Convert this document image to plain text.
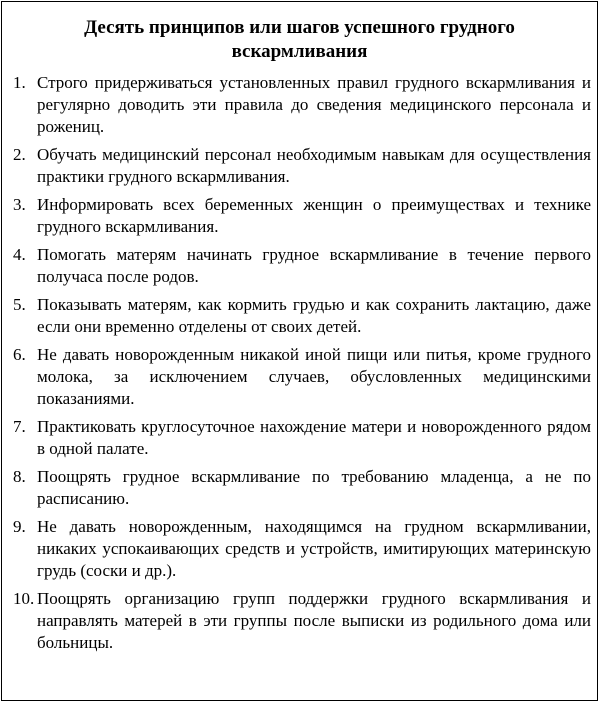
Десять принципов или шагов успешного грудного вскармливания
1. Строго придерживаться установленных правил грудного вскармливания и регулярно доводить эти правила до сведения медицинского персонала и рожениц.
2. Обучать медицинский персонал необходимым навыкам для осуществления практики грудного вскармливания.
3. Информировать всех беременных женщин о преимуществах и технике грудного вскармливания.
4. Помогать матерям начинать грудное вскармливание в течение первого получаса после родов.
5. Показывать матерям, как кормить грудью и как сохранить лактацию, даже если они временно отделены от своих детей.
6. Не давать новорожденным никакой иной пищи или питья, кроме грудного молока, за исключением случаев, обусловленных медицинскими показаниями.
7. Практиковать круглосуточное нахождение матери и новорожденного рядом в одной палате.
8. Поощрять грудное вскармливание по требованию младенца, а не по расписанию.
9. Не давать новорожденным, находящимся на грудном вскармливании, никаких успокаивающих средств и устройств, имитирующих материнскую грудь (соски и др.).
10. Поощрять организацию групп поддержки грудного вскармливания и направлять матерей в эти группы после выписки из родильного дома или больницы.
